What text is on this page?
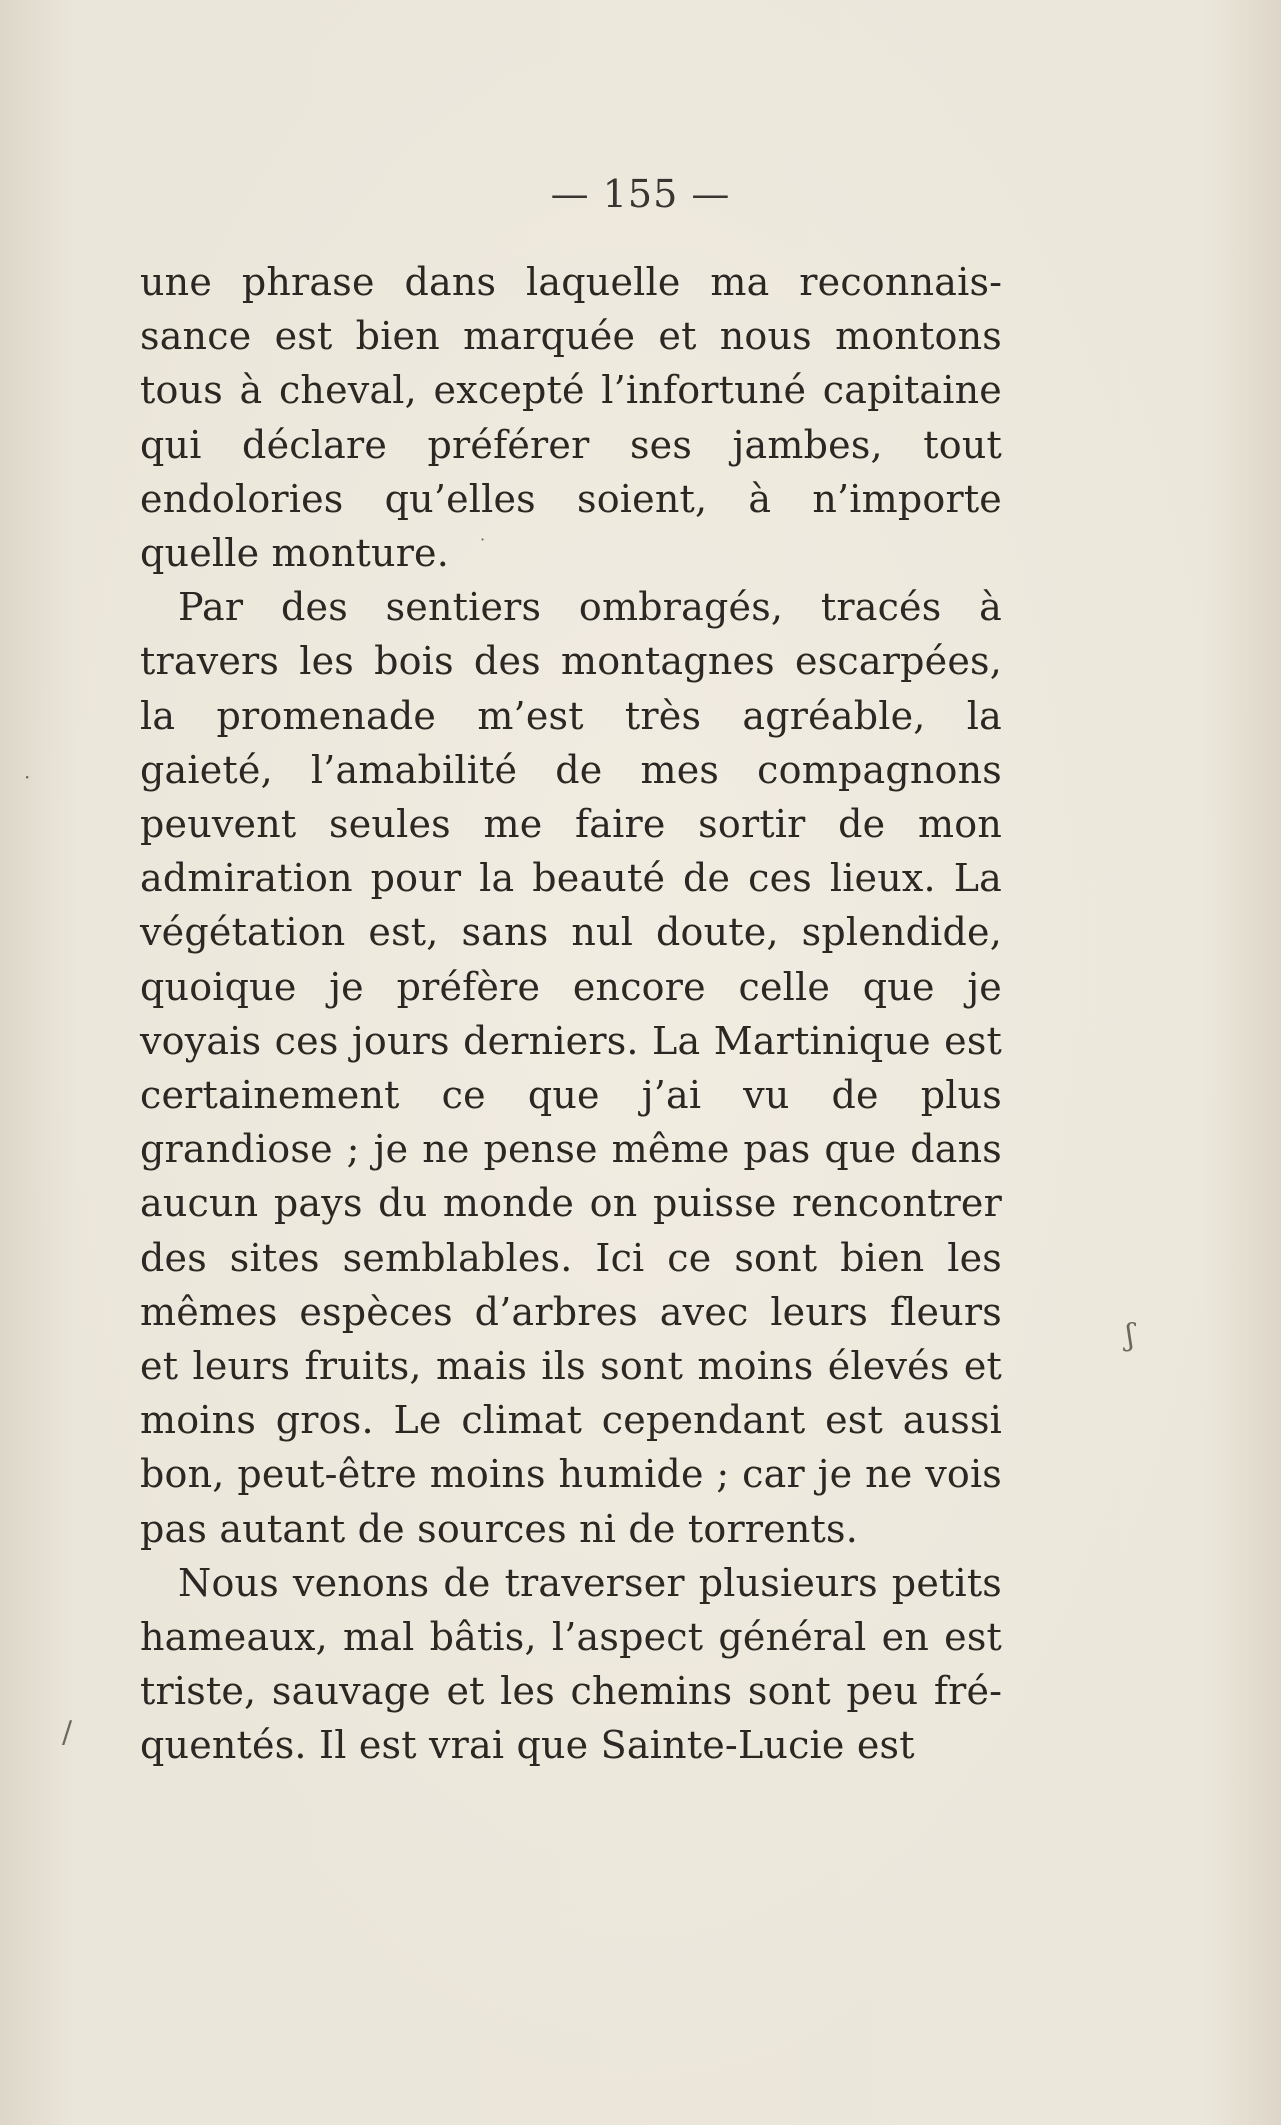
— 155 —

une phrase dans laquelle ma reconnaissance est bien marquée et nous montons tous à cheval, excepté l’infortuné capitaine qui déclare préférer ses jambes, tout endolories qu’elles soient, à n’importe quelle monture.

Par des sentiers ombragés, tracés à travers les bois des montagnes escarpées, la promenade m’est très agréable, la gaieté, l’amabilité de mes compagnons peuvent seules me faire sortir de mon admiration pour la beauté de ces lieux. La végétation est, sans nul doute, splendide, quoique je préfère encore celle que je voyais ces jours derniers. La Martinique est certainement ce que j’ai vu de plus grandiose ; je ne pense même pas que dans aucun pays du monde on puisse rencontrer des sites semblables. Ici ce sont bien les mêmes espèces d’arbres avec leurs fleurs et leurs fruits, mais ils sont moins élevés et moins gros. Le climat cependant est aussi bon, peut-être moins humide ; car je ne vois pas autant de sources ni de torrents.

Nous venons de traverser plusieurs petits hameaux, mal bâtis, l’aspect général en est triste, sauvage et les chemins sont peu fréquentés. Il est vrai que Sainte-Lucie est

ʃ
/
·
·
